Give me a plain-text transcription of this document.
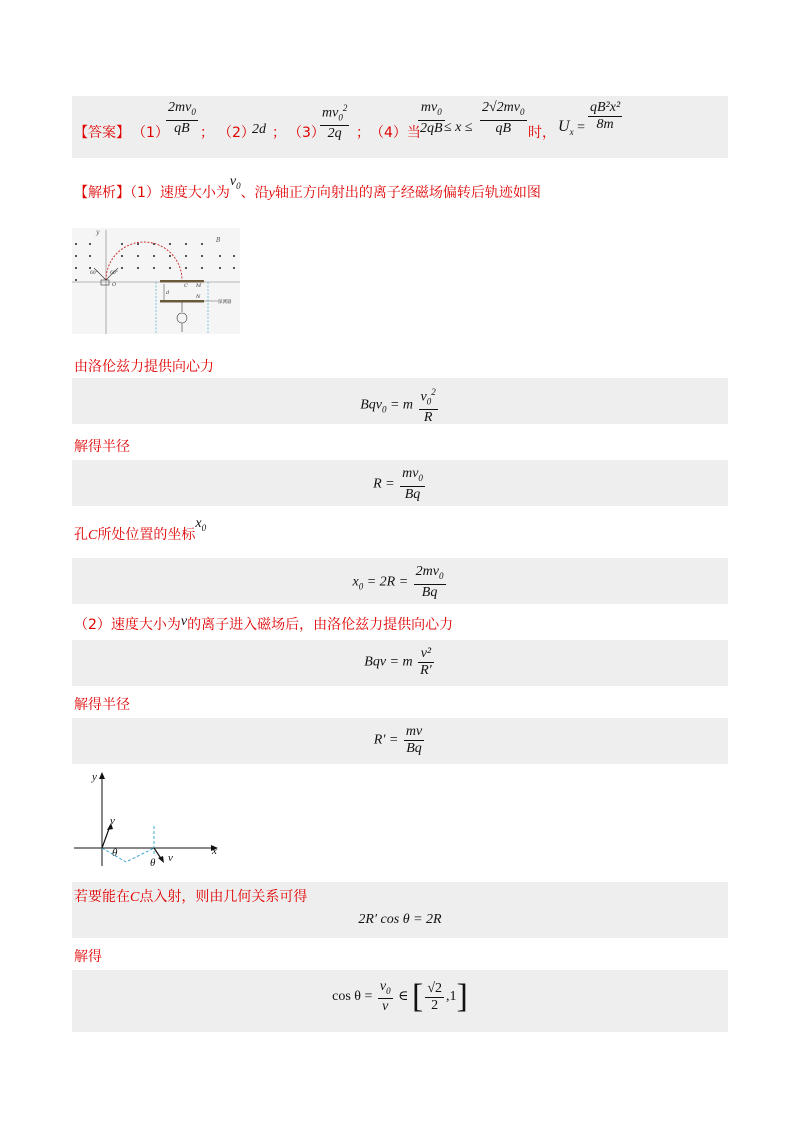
【答案】 （1）
$\frac{2mv_0}{qB}$ ； （2）
2d ； （3）
$\frac{mv_0^2}{2q}$ ； （4）当
$\frac{mv_0}{2qB} \le x \le \frac{2√2mv_0}{qB}$ 时， $U_x = \frac{\text{qB²x²}}{8m}$
【解析】（1）速度大小为$v_0$、沿y轴正方向射出的离子经磁场偏转后轨迹如图
y
B
60°	60°
O	C M
N
d
探测器
由洛伦兹力提供向心力
Bqv$_0$ = m $\frac{v_0^2}{R}$
解得半径
$R = \frac{mv_0}{Bq}$
孔C所处位置的坐标$x_0$
$x_0 = 2R = \frac{2mv_0}{Bq}$
（2）速度大小为v的离子进入磁场后，由洛伦兹力提供向心力
Bqv = m $\frac{\text{v²}}{R'}$
解得半径
$R' = \frac{mv}{Bq}$
y
x
v
θ	v
θ
若要能在C点入射，则由几何关系可得
2R′ cos θ = 2R
解得
$\cos \theta = \frac{v_0}{v}$ ∈ [ $\frac{√2}{2} ,1$]
